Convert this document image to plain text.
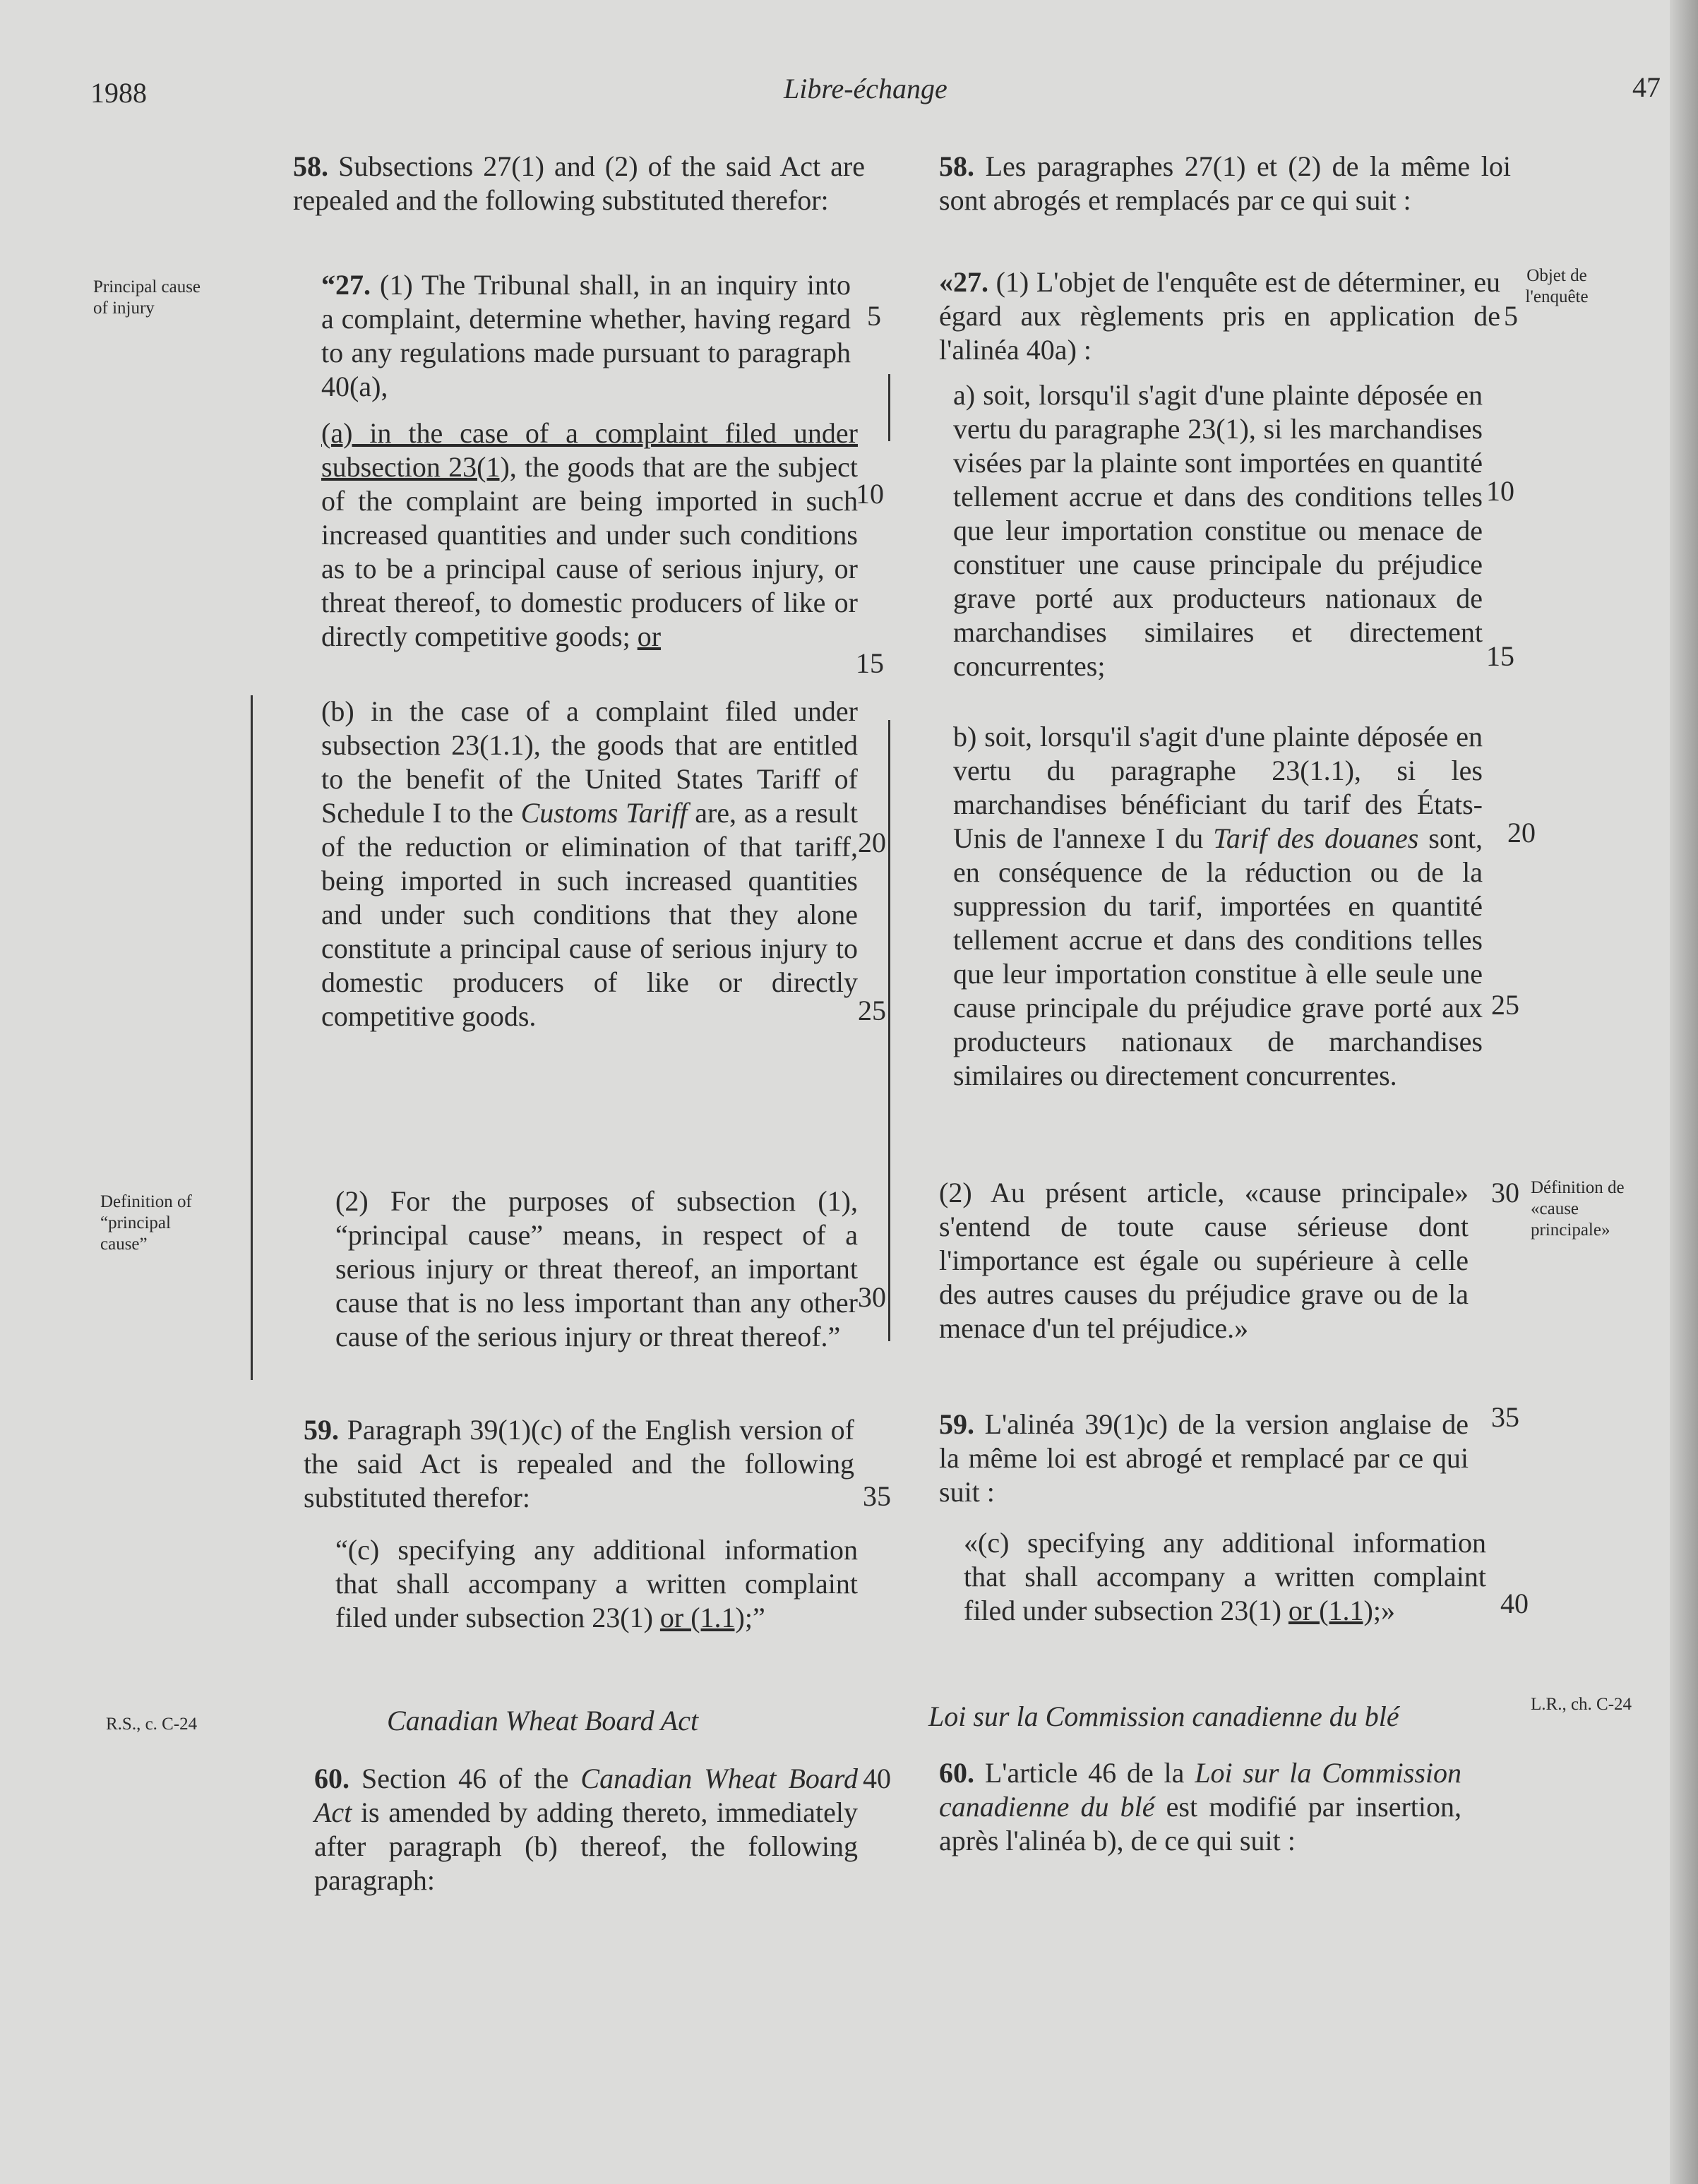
1988	Libre-échange	47
Principal cause
of injury
Objet de
l'enquête
Definition of
“principal
cause”
Définition de
«cause
principale»
R.S., c. C-24
L.R., ch. C-24

58. Subsections 27(1) and (2) of the said Act are repealed and the following substituted therefor:

“27. (1) The Tribunal shall, in an inquiry into a complaint, determine whether, having regard to any regulations made pursuant to paragraph 40(a),

(a) in the case of a complaint filed under subsection 23(1), the goods that are the subject of the complaint are being imported in such increased quantities and under such conditions as to be a principal cause of serious injury, or threat thereof, to domestic producers of like or directly competitive goods; or

(b) in the case of a complaint filed under subsection 23(1.1), the goods that are entitled to the benefit of the United States Tariff of Schedule I to the Customs Tariff are, as a result of the reduction or elimination of that tariff, being imported in such increased quantities and under such conditions that they alone constitute a principal cause of serious injury to domestic producers of like or directly competitive goods.

(2) For the purposes of subsection (1), “principal cause” means, in respect of a serious injury or threat thereof, an important cause that is no less important than any other cause of the serious injury or threat thereof.”

59. Paragraph 39(1)(c) of the English version of the said Act is repealed and the following substituted therefor:

“(c) specifying any additional information that shall accompany a written complaint filed under subsection 23(1) or (1.1);”

Canadian Wheat Board Act

60. Section 46 of the Canadian Wheat Board Act is amended by adding thereto, immediately after paragraph (b) thereof, the following paragraph:

58. Les paragraphes 27(1) et (2) de la même loi sont abrogés et remplacés par ce qui suit :

«27. (1) L'objet de l'enquête est de déterminer, eu égard aux règlements pris en application de l'alinéa 40a) :

a) soit, lorsqu'il s'agit d'une plainte déposée en vertu du paragraphe 23(1), si les marchandises visées par la plainte sont importées en quantité tellement accrue et dans des conditions telles que leur importation constitue ou menace de constituer une cause principale du préjudice grave porté aux producteurs nationaux de marchandises similaires et directement concurrentes;

b) soit, lorsqu'il s'agit d'une plainte déposée en vertu du paragraphe 23(1.1), si les marchandises bénéficiant du tarif des États-Unis de l'annexe I du Tarif des douanes sont, en conséquence de la réduction ou de la suppression du tarif, importées en quantité tellement accrue et dans des conditions telles que leur importation constitue à elle seule une cause principale du préjudice grave porté aux producteurs nationaux de marchandises similaires ou directement concurrentes.

(2) Au présent article, «cause principale» s'entend de toute cause sérieuse dont l'importance est égale ou supérieure à celle des autres causes du préjudice grave ou de la menace d'un tel préjudice.»

59. L'alinéa 39(1)c) de la version anglaise de la même loi est abrogé et remplacé par ce qui suit :

«(c) specifying any additional information that shall accompany a written complaint filed under subsection 23(1) or (1.1);»

Loi sur la Commission canadienne du blé

60. L'article 46 de la Loi sur la Commission canadienne du blé est modifié par insertion, après l'alinéa b), de ce qui suit :

5
10
15
20
25
30
35
40
5
10
15
20
25
30
35
40
